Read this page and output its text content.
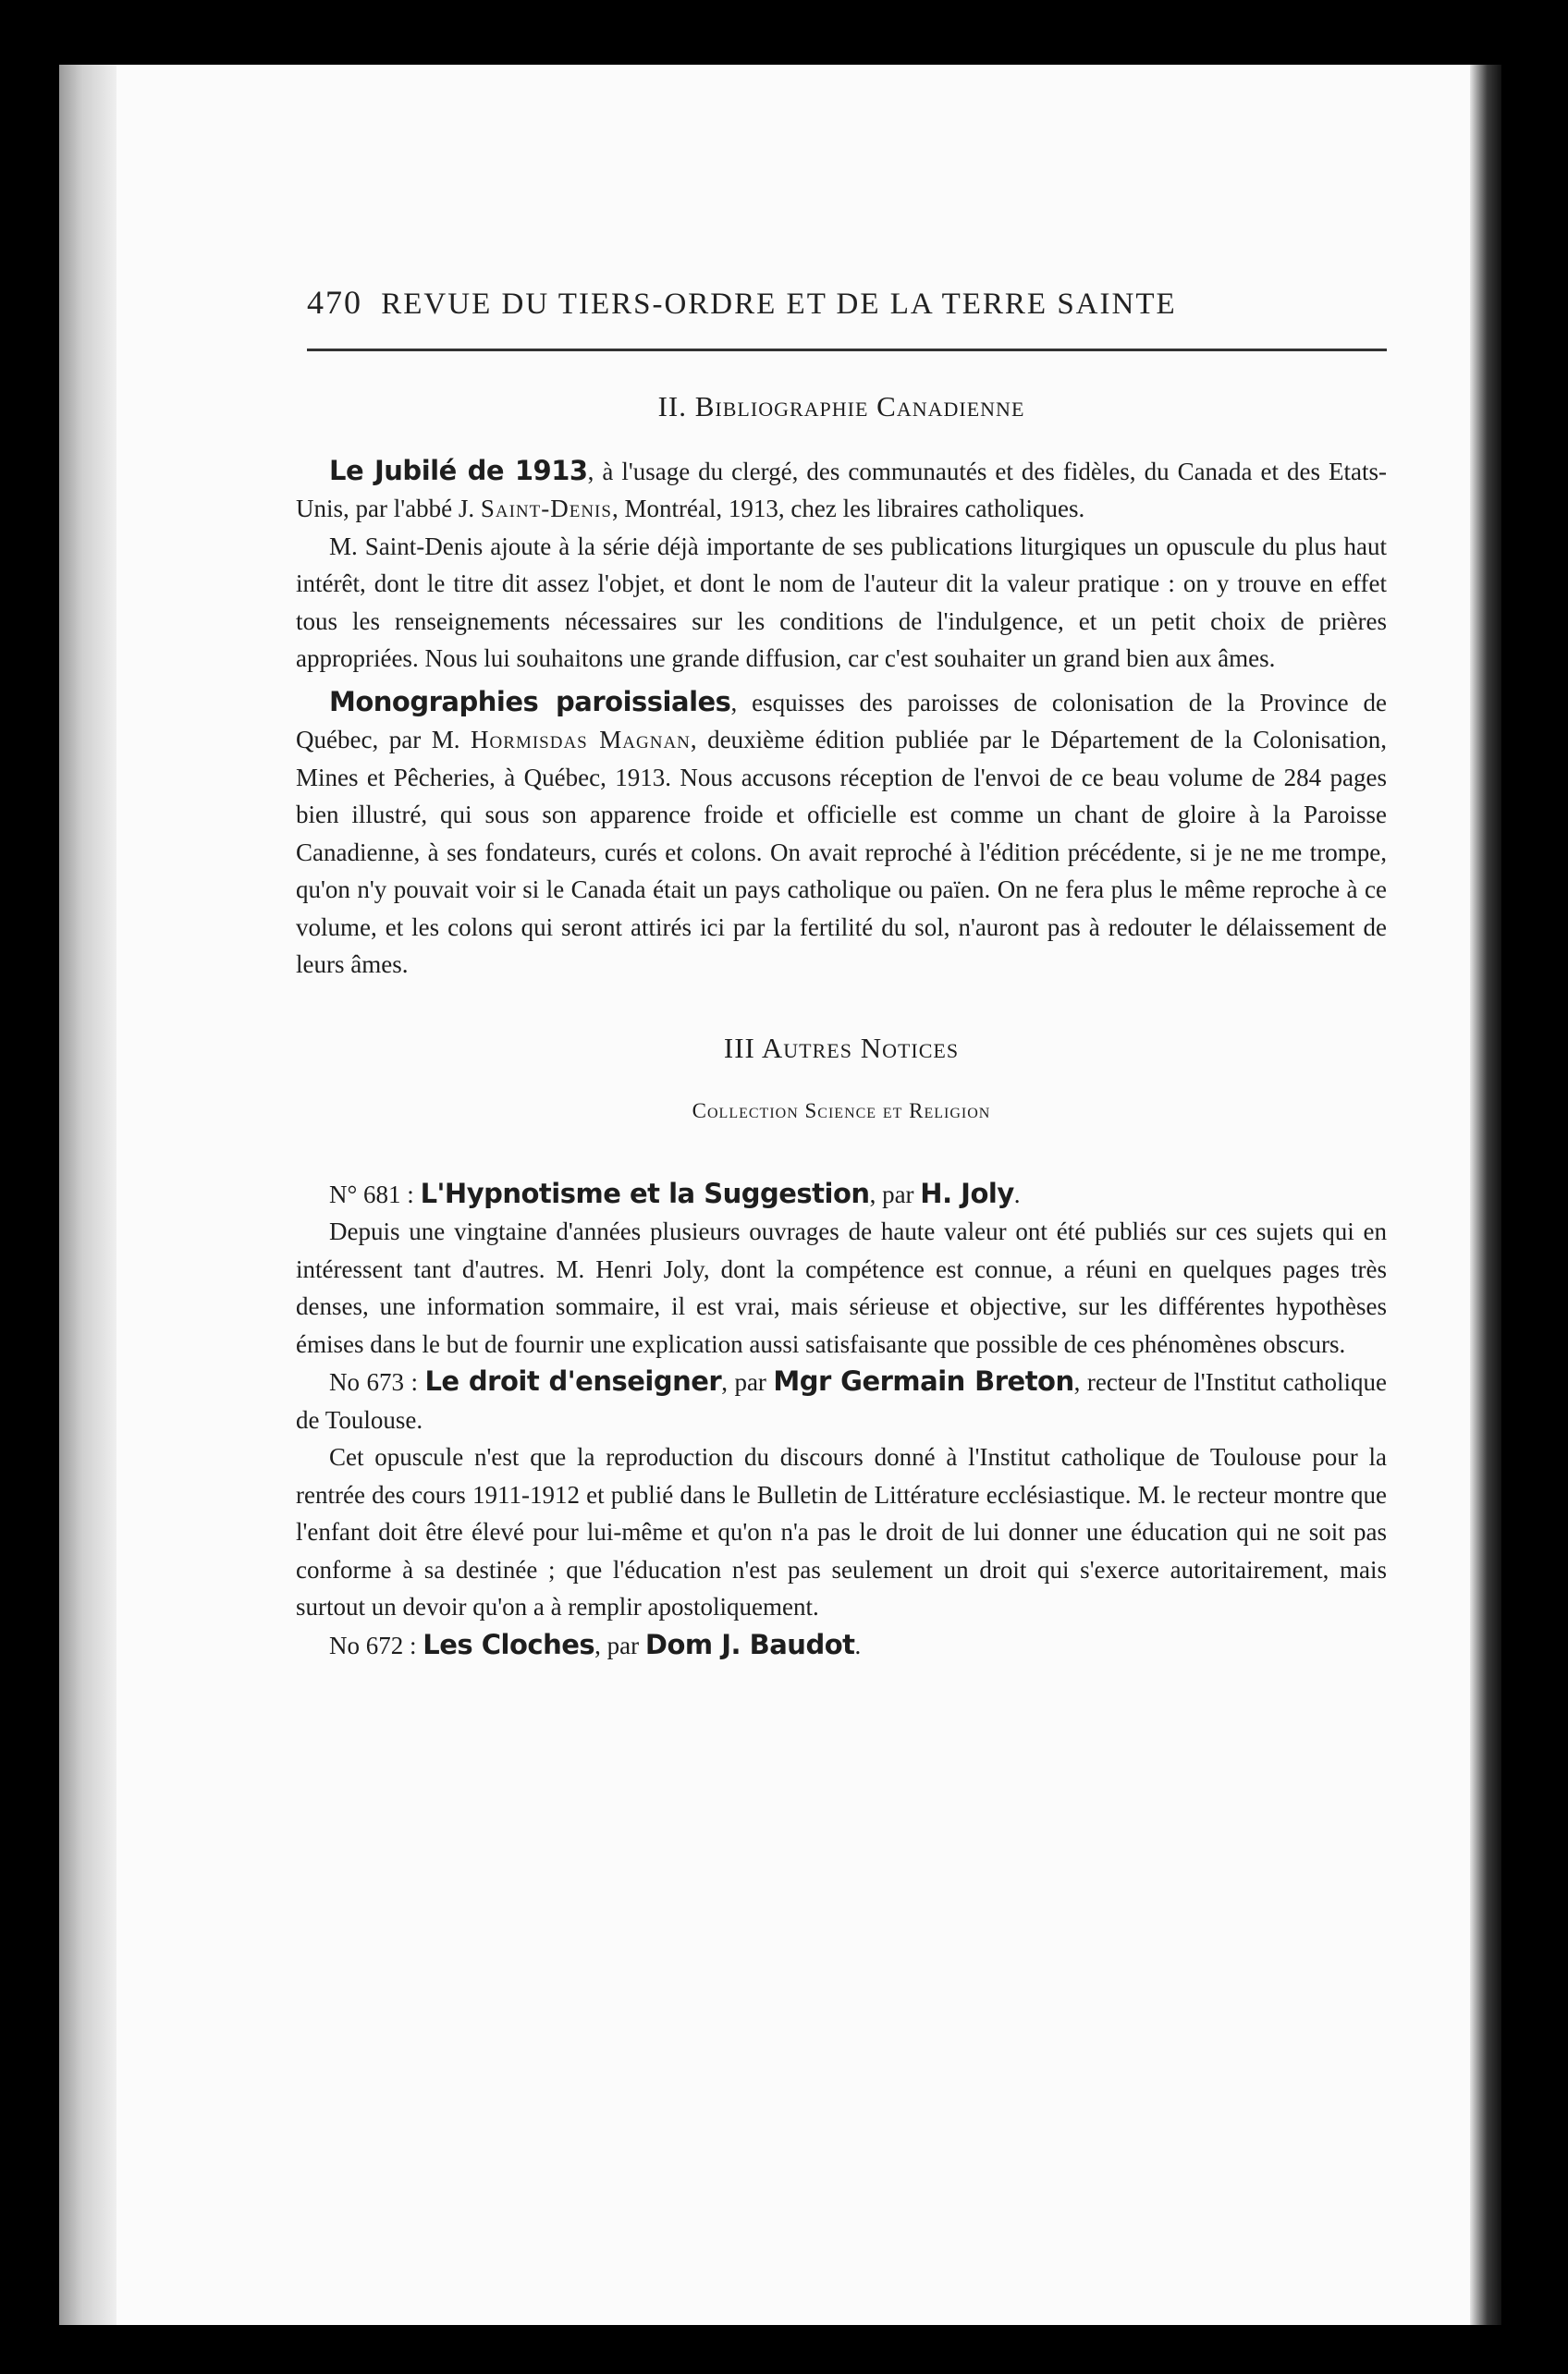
470 REVUE DU TIERS-ORDRE ET DE LA TERRE SAINTE
II. Bibliographie Canadienne

Le Jubilé de 1913, à l'usage du clergé, des communautés et des fidèles, du Canada et des Etats-Unis, par l'abbé J. Saint-Denis, Montréal, 1913, chez les libraires catholiques.

M. Saint-Denis ajoute à la série déjà importante de ses publications liturgiques un opuscule du plus haut intérêt, dont le titre dit assez l'objet, et dont le nom de l'auteur dit la valeur pratique : on y trouve en effet tous les renseignements nécessaires sur les conditions de l'indulgence, et un petit choix de prières appropriées. Nous lui souhaitons une grande diffusion, car c'est souhaiter un grand bien aux âmes.

Monographies paroissiales, esquisses des paroisses de colonisation de la Province de Québec, par M. Hormisdas Magnan, deuxième édition publiée par le Département de la Colonisation, Mines et Pêcheries, à Québec, 1913. Nous accusons réception de l'envoi de ce beau volume de 284 pages bien illustré, qui sous son apparence froide et officielle est comme un chant de gloire à la Paroisse Canadienne, à ses fondateurs, curés et colons. On avait reproché à l'édition précédente, si je ne me trompe, qu'on n'y pouvait voir si le Canada était un pays catholique ou païen. On ne fera plus le même reproche à ce volume, et les colons qui seront attirés ici par la fertilité du sol, n'auront pas à redouter le délaissement de leurs âmes.

III Autres Notices
Collection Science et Religion

N° 681 : L'Hypnotisme et la Suggestion, par H. Joly.

Depuis une vingtaine d'années plusieurs ouvrages de haute valeur ont été publiés sur ces sujets qui en intéressent tant d'autres. M. Henri Joly, dont la compétence est connue, a réuni en quelques pages très denses, une information sommaire, il est vrai, mais sérieuse et objective, sur les différentes hypothèses émises dans le but de fournir une explication aussi satisfaisante que possible de ces phénomènes obscurs.

No 673 : Le droit d'enseigner, par Mgr Germain Breton, recteur de l'Institut catholique de Toulouse.

Cet opuscule n'est que la reproduction du discours donné à l'Institut catholique de Toulouse pour la rentrée des cours 1911-1912 et publié dans le Bulletin de Littérature ecclésiastique. M. le recteur montre que l'enfant doit être élevé pour lui-même et qu'on n'a pas le droit de lui donner une éducation qui ne soit pas conforme à sa destinée ; que l'éducation n'est pas seulement un droit qui s'exerce autoritairement, mais surtout un devoir qu'on a à remplir apostoliquement.

No 672 : Les Cloches, par Dom J. Baudot.
